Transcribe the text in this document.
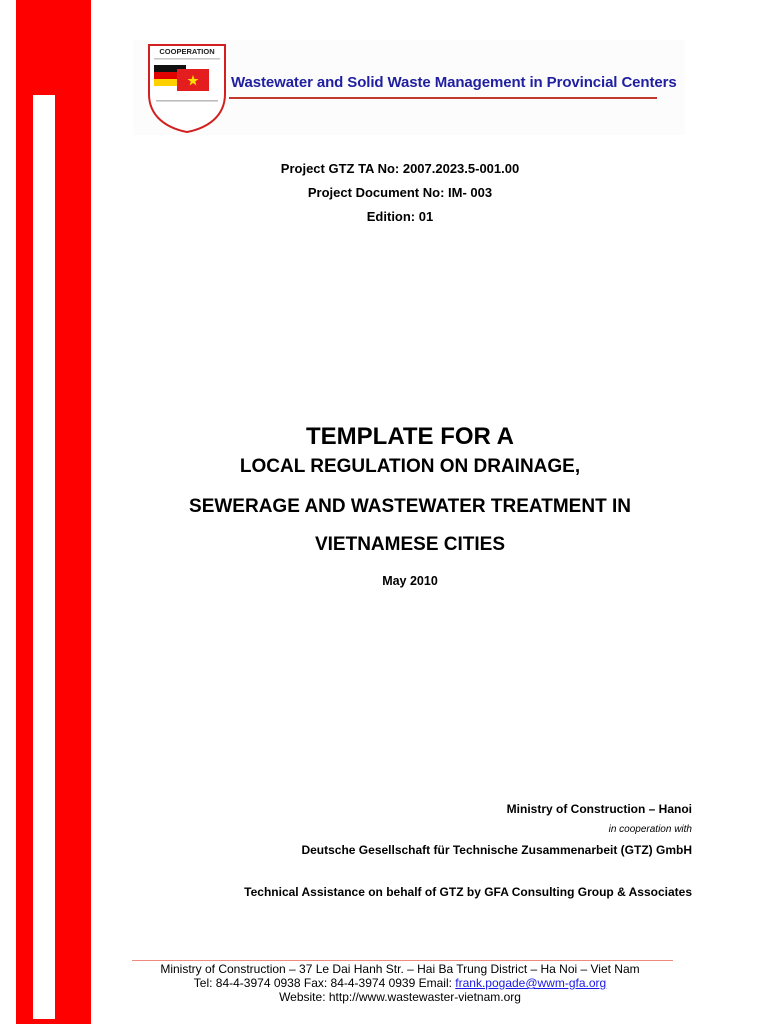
COOPERATION
Wastewater and Solid Waste Management in Provincial Centers
Project GTZ TA No: 2007.2023.5-001.00
Project Document No: IM- 003
Edition: 01
TEMPLATE FOR A
LOCAL REGULATION ON DRAINAGE,
SEWERAGE AND WASTEWATER TREATMENT IN
VIETNAMESE CITIES
May 2010
Ministry of Construction – Hanoi
in cooperation with
Deutsche Gesellschaft für Technische Zusammenarbeit (GTZ) GmbH
Technical Assistance on behalf of GTZ by GFA Consulting Group & Associates
Ministry of Construction – 37 Le Dai Hanh Str. – Hai Ba Trung District – Ha Noi – Viet Nam
Tel: 84-4-3974 0938 Fax: 84-4-3974 0939 Email: frank.pogade@wwm-gfa.org
Website: http://www.wastewaster-vietnam.org
